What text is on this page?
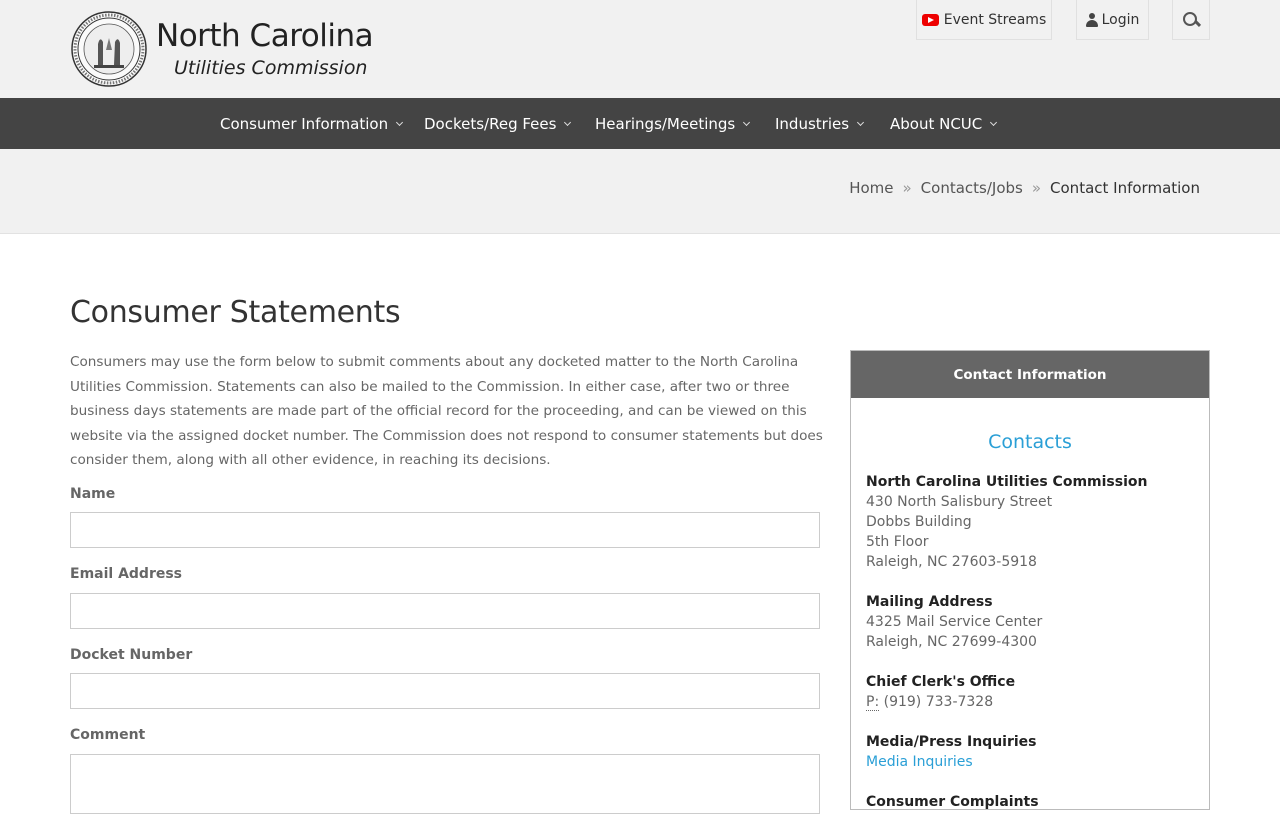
North Carolina
Utilities Commission
Event Streams	Login
Consumer Information Dockets/Reg Fees	Hearings/Meetings	Industries	About NCUC
Home » Contacts/Jobs » Contact Information
Consumer Statements

Consumers may use the form below to submit comments about any docketed matter to the North Carolina Utilities Commission. Statements can also be mailed to the Commission. In either case, after two or three business days statements are made part of the official record for the proceeding, and can be viewed on this website via the assigned docket number. The Commission does not respond to consumer statements but does consider them, along with all other evidence, in reaching its decisions.

Name
Email Address
Docket Number
Comment
Contact Information
Contacts
North Carolina Utilities Commission
430 North Salisbury Street
Dobbs Building
5th Floor
Raleigh, NC 27603-5918
Mailing Address
4325 Mail Service Center
Raleigh, NC 27699-4300
Chief Clerk's Office
P: (919) 733-7328
Media/Press Inquiries
Media Inquiries
Consumer Complaints
